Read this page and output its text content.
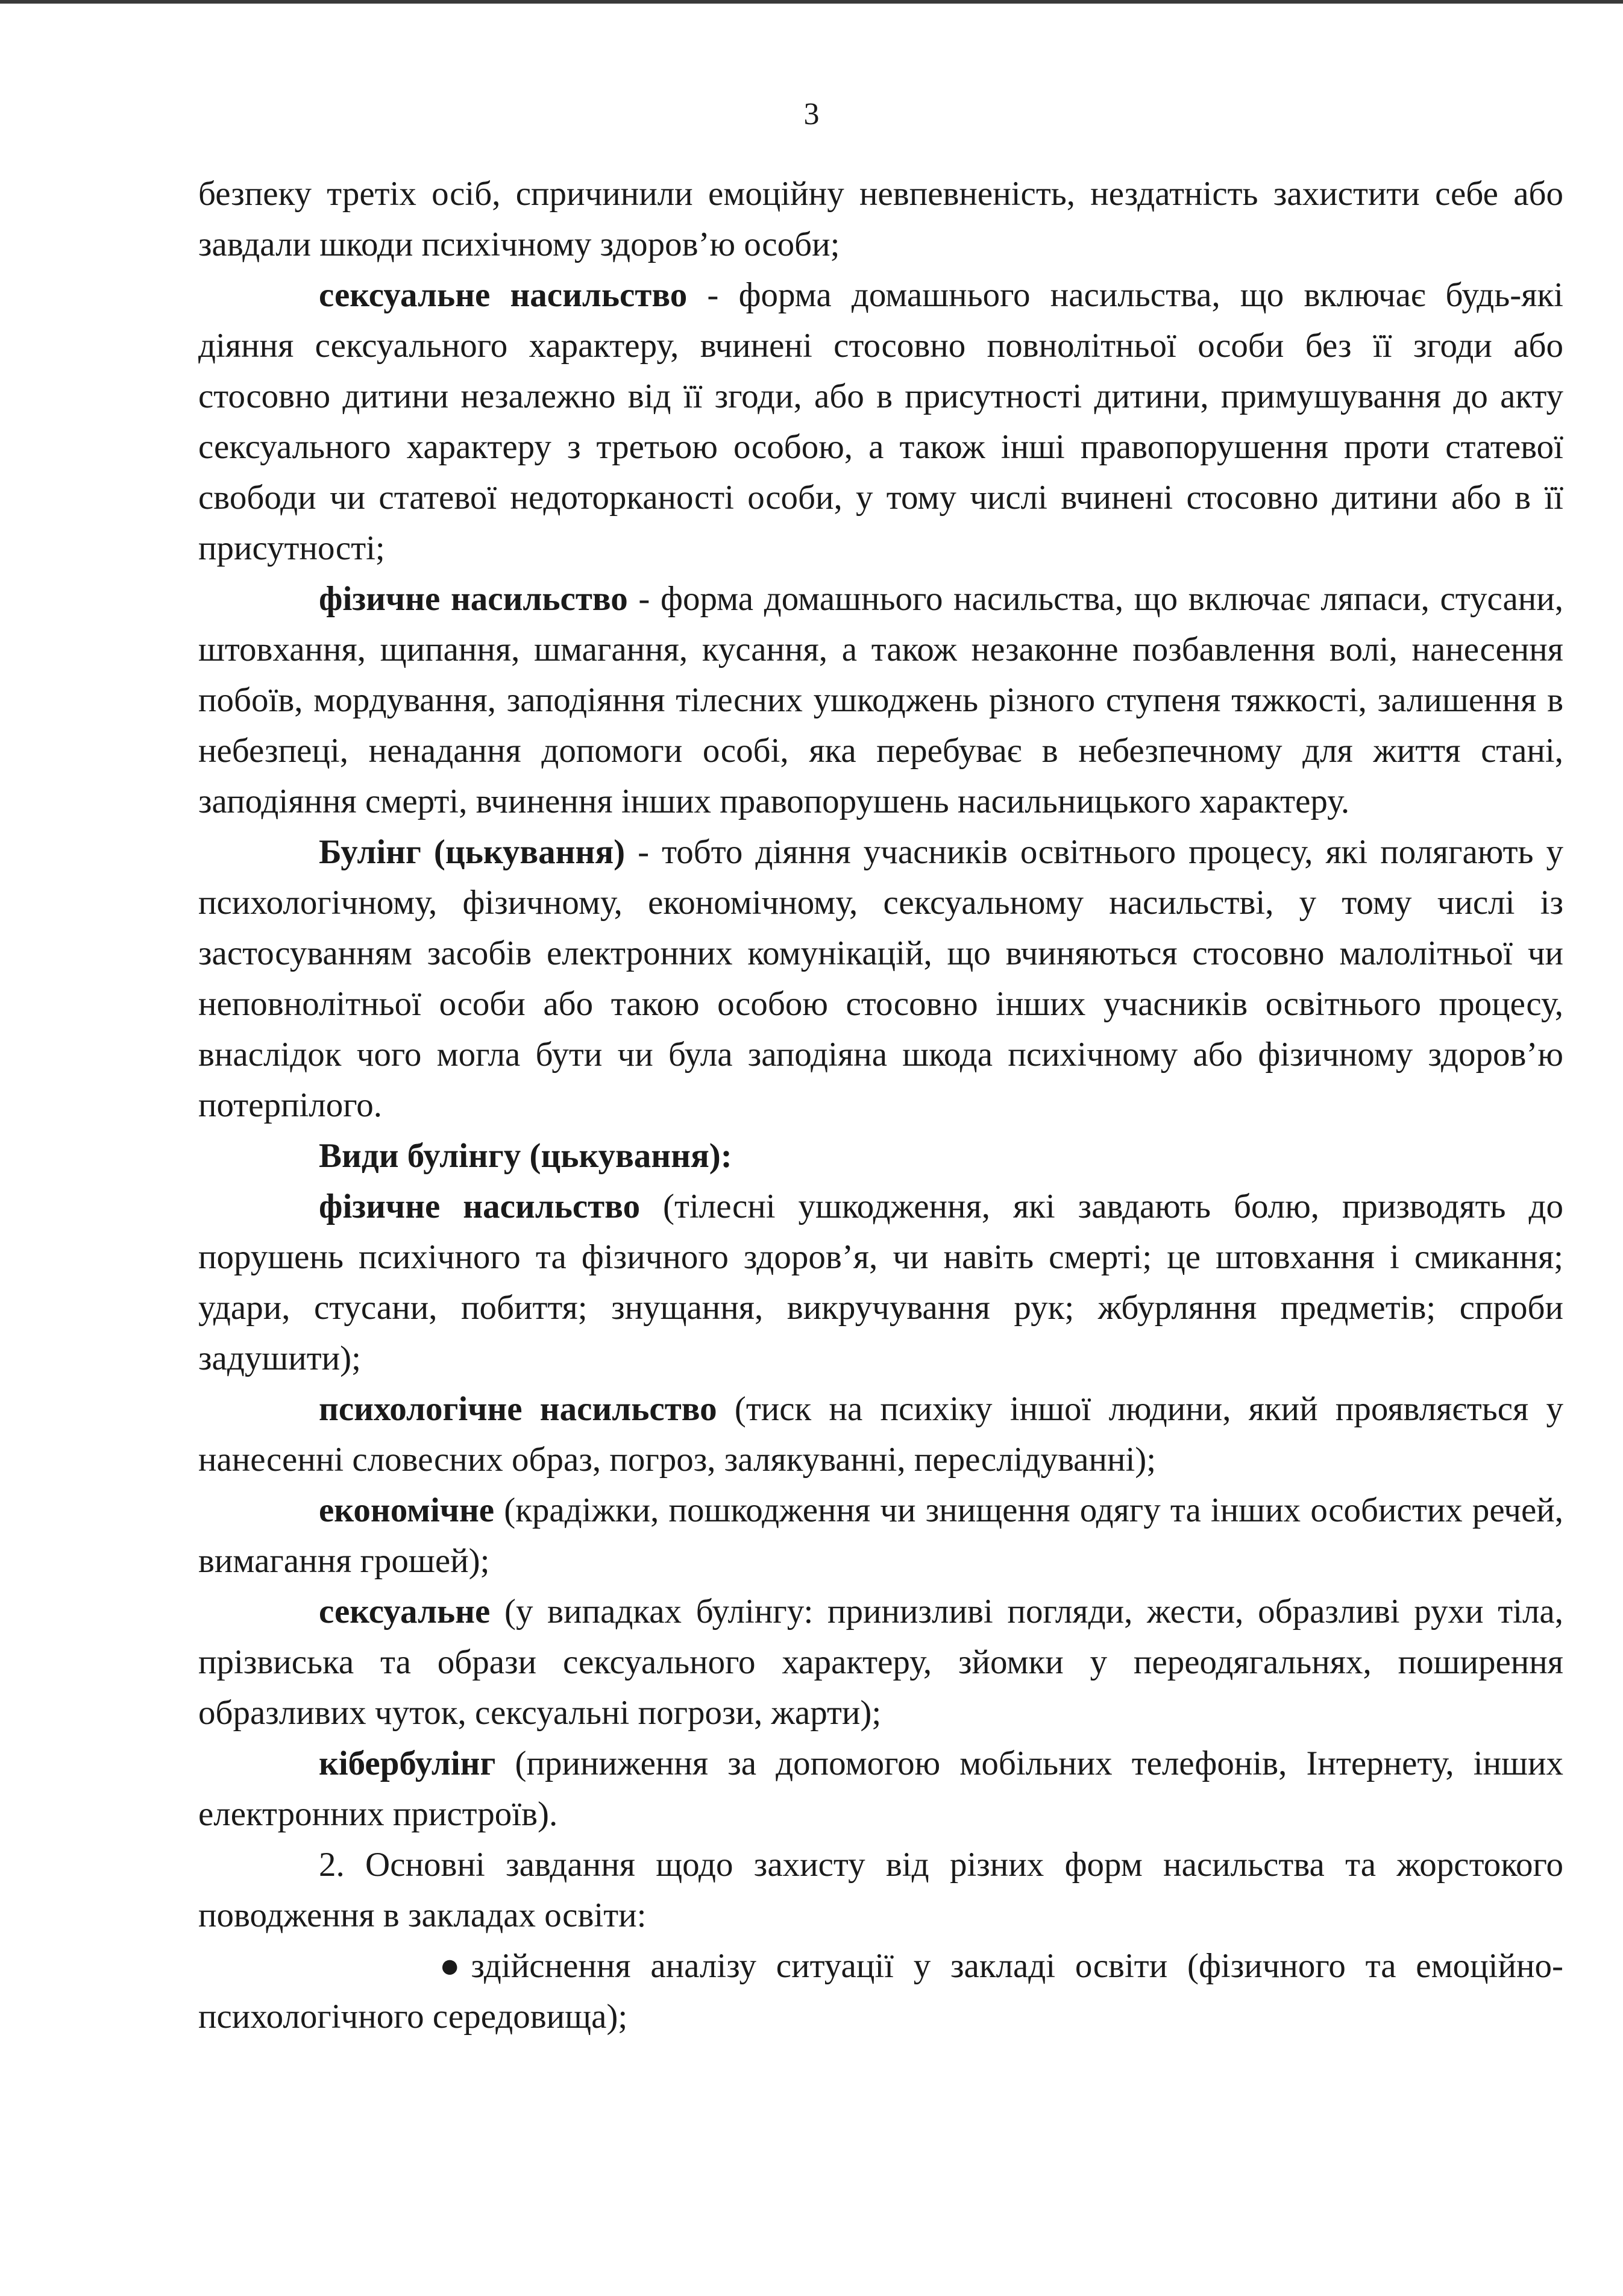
3

безпеку третіх осіб, спричинили емоційну невпевненість, нездатність захистити себе або завдали шкоди психічному здоров’ю особи;

сексуальне насильство - форма домашнього насильства, що включає будь-які діяння сексуального характеру, вчинені стосовно повнолітньої особи без її згоди або стосовно дитини незалежно від її згоди, або в присутності дитини, примушування до акту сексуального характеру з третьою особою, а також інші правопорушення проти статевої свободи чи статевої недоторканості особи, у тому числі вчинені стосовно дитини або в її присутності;

фізичне насильство - форма домашнього насильства, що включає ляпаси, стусани, штовхання, щипання, шмагання, кусання, а також незаконне позбавлення волі, нанесення побоїв, мордування, заподіяння тілесних ушкоджень різного ступеня тяжкості, залишення в небезпеці, ненадання допомоги особі, яка перебуває в небезпечному для життя стані, заподіяння смерті, вчинення інших правопорушень насильницького характеру.

Булінг (цькування) - тобто діяння учасників освітнього процесу, які полягають у психологічному, фізичному, економічному, сексуальному насильстві, у тому числі із застосуванням засобів електронних комунікацій, що вчиняються стосовно малолітньої чи неповнолітньої особи або такою особою стосовно інших учасників освітнього процесу, внаслідок чого могла бути чи була заподіяна шкода психічному або фізичному здоров’ю потерпілого.

Види булінгу (цькування):

фізичне насильство (тілесні ушкодження, які завдають болю, призводять до порушень психічного та фізичного здоров’я, чи навіть смерті; це штовхання і смикання; удари, стусани, побиття; знущання, викручування рук; жбурляння предметів; спроби задушити);

психологічне насильство (тиск на психіку іншої людини, який проявляється у нанесенні словесних образ, погроз, залякуванні, переслідуванні);

економічне (крадіжки, пошкодження чи знищення одягу та інших особистих речей, вимагання грошей);

сексуальне (у випадках булінгу: принизливі погляди, жести, образливі рухи тіла, прізвиська та образи сексуального характеру, зйомки у переодягальнях, поширення образливих чуток, сексуальні погрози, жарти);

кібербулінг (приниження за допомогою мобільних телефонів, Інтернету, інших електронних пристроїв).

2. Основні завдання щодо захисту від різних форм насильства та жорстокого поводження в закладах освіти:

● здійснення аналізу ситуації у закладі освіти (фізичного та емоційно-психологічного середовища);
